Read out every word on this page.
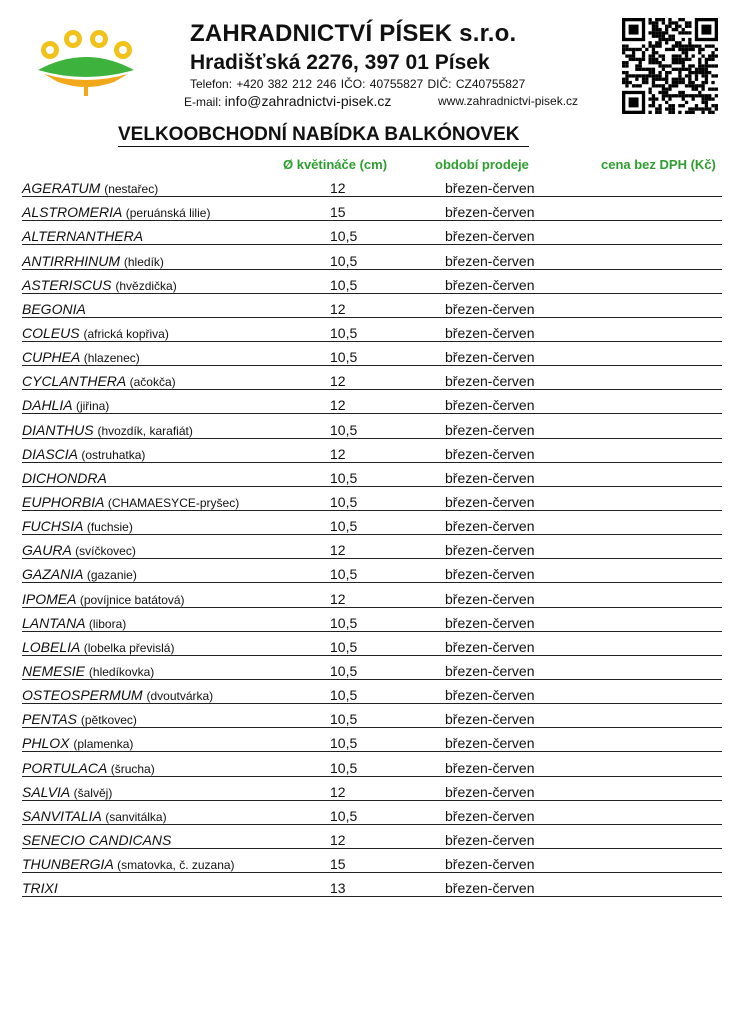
ZAHRADNICTVÍ PÍSEK s.r.o.
Hradišťská 2276, 397 01 Písek
Telefon: +420 382 212 246 IČO: 40755827 DIČ: CZ40755827
E-mail: info@zahradnictvi-pisek.cz	www.zahradnictvi-pisek.cz
VELKOOBCHODNÍ NABÍDKA BALKÓNOVEK
Ø květináče (cm)	období prodeje	cena bez DPH (Kč)
AGERATUM (nestařec)	12	březen-červen
ALSTROMERIA (peruánská lilie)	15	březen-červen
ALTERNANTHERA	10,5	březen-červen
ANTIRRHINUM (hledík)	10,5	březen-červen
ASTERISCUS (hvězdička)	10,5	březen-červen
BEGONIA	12	březen-červen
COLEUS (africká kopřiva)	10,5	březen-červen
CUPHEA (hlazenec)	10,5	březen-červen
CYCLANTHERA (ačokča)	12	březen-červen
DAHLIA (jiřina)	12	březen-červen
DIANTHUS (hvozdík, karafiát)	10,5	březen-červen
DIASCIA (ostruhatka)	12	březen-červen
DICHONDRA	10,5	březen-červen
EUPHORBIA (CHAMAESYCE-pryšec)	10,5	březen-červen
FUCHSIA (fuchsie)	10,5	březen-červen
GAURA (svíčkovec)	12	březen-červen
GAZANIA (gazanie)	10,5	březen-červen
IPOMEA (povíjnice batátová)	12	březen-červen
LANTANA (libora)	10,5	březen-červen
LOBELIA (lobelka převislá)	10,5	březen-červen
NEMESIE (hledíkovka)	10,5	březen-červen
OSTEOSPERMUM (dvoutvárka)	10,5	březen-červen
PENTAS (pětkovec)	10,5	březen-červen
PHLOX (plamenka)	10,5	březen-červen
PORTULACA (šrucha)	10,5	březen-červen
SALVIA (šalvěj)	12	březen-červen
SANVITALIA (sanvitálka)	10,5	březen-červen
SENECIO CANDICANS	12	březen-červen
THUNBERGIA (smatovka, č. zuzana)	15	březen-červen
TRIXI	13	březen-červen
